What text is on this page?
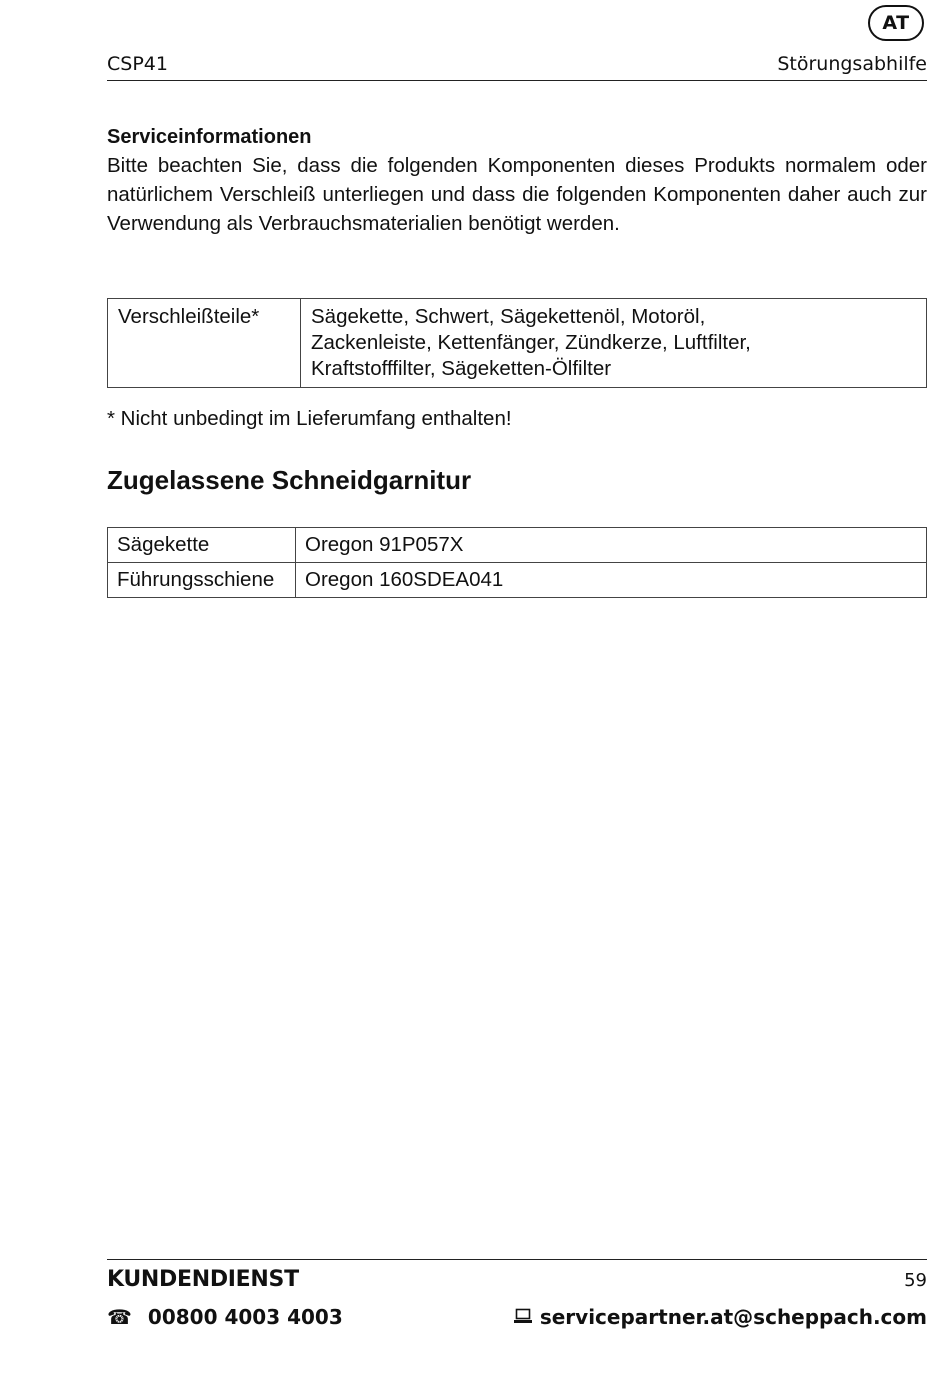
AT
CSP41	Störungsabhilfe
Serviceinformationen

Bitte beachten Sie, dass die folgenden Komponenten dieses Produkts normalem oder natürlichem Verschleiß unterliegen und dass die folgenden Komponenten daher auch zur Verwendung als Verbrauchsmaterialien benötigt werden.

Verschleißteile*	Sägekette, Schwert, Sägekettenöl, Motoröl,
Zackenleiste, Kettenfänger, Zündkerze, Luftfilter,
Kraftstofffilter, Sägeketten-Ölfilter
* Nicht unbedingt im Lieferumfang enthalten!
Zugelassene Schneidgarnitur
Sägekette	Oregon 91P057X
Führungsschiene	Oregon 160SDEA041
KUNDENDIENST	59
☎ 00800 4003 4003	servicepartner.at@scheppach.com
